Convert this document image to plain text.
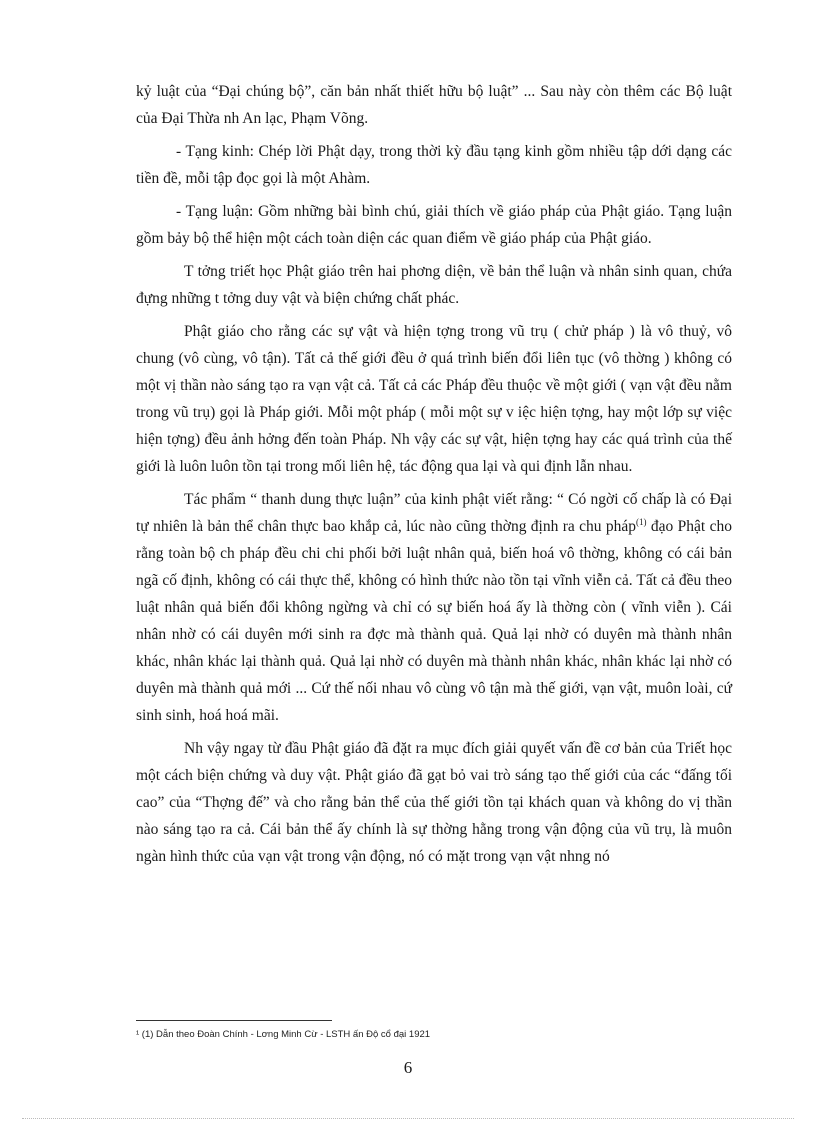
kỷ luật của “Đại chúng bộ”, căn bản nhất thiết hữu bộ luật” ... Sau này còn thêm các Bộ luật của Đại Thừa nh An lạc, Phạm Võng.

- Tạng kinh: Chép lời Phật dạy, trong thời kỳ đầu tạng kinh gồm nhiều tập dới dạng các tiền đề, mỗi tập đọc gọi là một Ahàm.

- Tạng luận: Gồm những bài bình chú, giải thích về giáo pháp của Phật giáo. Tạng luận gồm bảy bộ thể hiện một cách toàn diện các quan điểm về giáo pháp của Phật giáo.

T tởng triết học Phật giáo trên hai phơng diện, về bản thể luận và nhân sinh quan, chứa đựng những t tởng duy vật và biện chứng chất phác.

Phật giáo cho rằng các sự vật và hiện tợng trong vũ trụ ( chử pháp ) là vô thuỷ, vô chung (vô cùng, vô tận). Tất cả thế giới đều ở quá trình biến đổi liên tục (vô thờng ) không có một vị thần nào sáng tạo ra vạn vật cả. Tất cả các Pháp đều thuộc về một giới ( vạn vật đều nằm trong vũ trụ) gọi là Pháp giới. Mỗi một pháp ( mỗi một sự v iệc hiện tợng, hay một lớp sự việc hiện tợng) đều ảnh hởng đến toàn Pháp. Nh vậy các sự vật, hiện tợng hay các quá trình của thế giới là luôn luôn tồn tại trong mối liên hệ, tác động qua lại và qui định lẫn nhau.

Tác phẩm “ thanh dung thực luận” của kinh phật viết rằng: “ Có ngời cố chấp là có Đại tự nhiên là bản thể chân thực bao khắp cả, lúc nào cũng thờng định ra chu pháp$^{(1)}$ đạo Phật cho rằng toàn bộ ch pháp đều chi chi phối bởi luật nhân quả, biến hoá vô thờng, không có cái bản ngã cố định, không có cái thực thể, không có hình thức nào tồn tại vĩnh viễn cả. Tất cả đều theo luật nhân quả biến đổi không ngừng và chỉ có sự biến hoá ấy là thờng còn ( vĩnh viễn ). Cái nhân nhờ có cái duyên mới sinh ra đợc mà thành quả. Quả lại nhờ có duyên mà thành nhân khác, nhân khác lại thành quả. Quả lại nhờ có duyên mà thành nhân khác, nhân khác lại nhờ có duyên mà thành quả mới ... Cứ thế nối nhau vô cùng vô tận mà thế giới, vạn vật, muôn loài, cứ sinh sinh, hoá hoá mãi.

Nh vậy ngay từ đầu Phật giáo đã đặt ra mục đích giải quyết vấn đề cơ bản của Triết học một cách biện chứng và duy vật. Phật giáo đã gạt bỏ vai trò sáng tạo thế giới của các “đấng tối cao” của “Thợng đế” và cho rằng bản thể của thế giới tồn tại khách quan và không do vị thần nào sáng tạo ra cả. Cái bản thể ấy chính là sự thờng hằng trong vận động của vũ trụ, là muôn ngàn hình thức của vạn vật trong vận động, nó có mặt trong vạn vật nhng nó

¹ (1) Dẫn theo Đoàn Chính - Lơng Minh Cừ - LSTH ấn Độ cổ đại 1921
6
